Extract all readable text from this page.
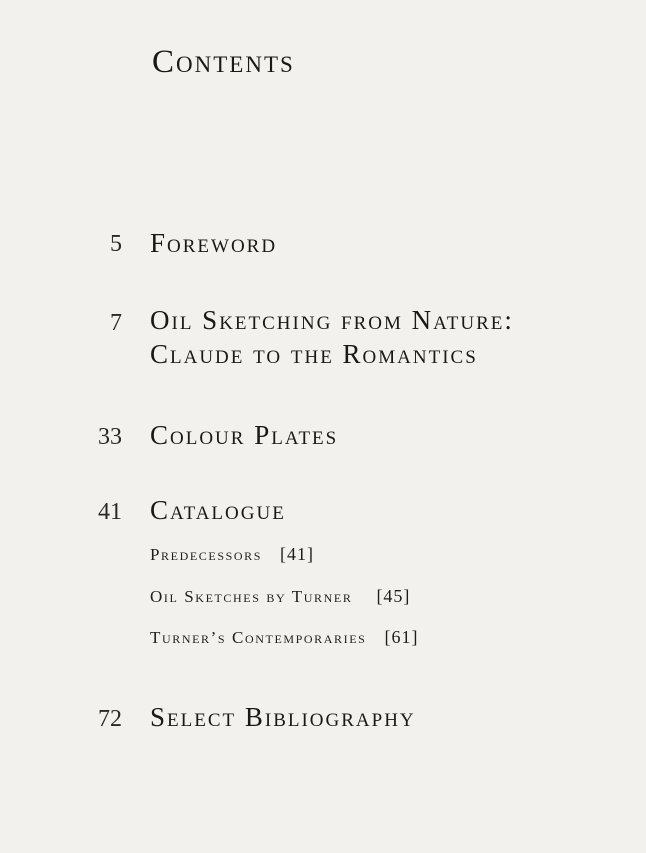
Contents
5 Foreword
7 Oil Sketching from Nature:
Claude to the Romantics
33 Colour Plates
41 Catalogue
Predecessors [41]
Oil Sketches by Turner [45]
Turner’s Contemporaries [61]
72 Select Bibliography
